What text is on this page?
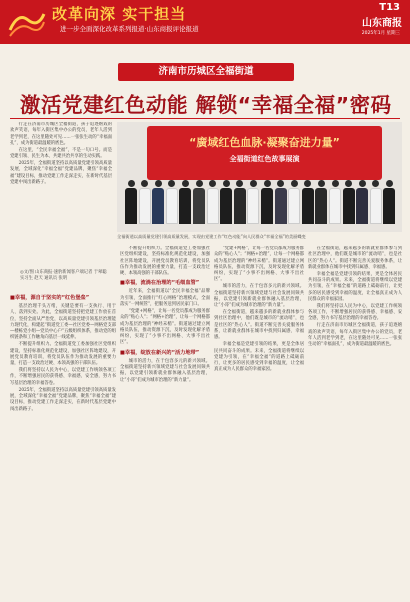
改革向深 实干担当
进一步全面深化改革系列报道·山东商报评论报道
T13
山东商报
2025年1月 星期三
济南市历城区全福街道
激活党建红色动能 解锁“幸福全福”密码

行走在济南市历城区全福街道，孩子追逐嬉戏的欢声笑语，每年入街区集中办公的党员，老年人活到老学到老，在这里随处可见……一张张生动的“幸福面孔”，成为街道最温暖的底色。

在这里，“全民幸福全福”，不是一句口号。而是党建引领、民生为本、共建共治共享的生动实践。

2025年，全福街道坚持以高质量党建引领高质量发展，全域深化“幸福全福”党建品牌，聚焦“幸福全福”建设目标，推动党建工作走深走实，在新时代基层党建中闯出新路子。

◎文/图 山东商报·速豹新闻客户端记者 于翠聪 实习生 赵天 通讯员 张明
“廣域红色血脉·凝聚奋进力量”
全福街道红色故事展演
全福街道以高质量党建引领高质量发展，实现由党建工作“红色动能”向人民群众“幸福全福”的美丽蝶变
■幸福，源自于坚实的“红色堡垒”

基层治理千头万绪，关键是要有一支执行、用于人、落到实处。为此，全福街道坚持把党建工作放在首位，坚持全面从严治党，以高质量党建引领基层治理能力现代化，构建起“街道党工委—社区党委—网格党支部—楼栋党小组—党员中心户”五级组织体系，推动党的组织链条和工作触角向基层一线延伸。

不断提升组织力。全福街道党工委加强社区党组织建设，坚持标准化规范化建设，加强社区阵地建设，开展党员教育培训，将党员队伍作为推动发展的重要力量，打造一支政治过硬、本领高强的干部队伍。

我们将坚持以人民为中心，以党建工作统领各项工作，不断增强居民的获得感、幸福感、安全感，努力书写基层治理的幸福答卷。

2025年，全福街道坚持以高质量党建引领高质量发展，全域深化“幸福全福”党建品牌，聚焦“幸福全福”建设目标，推动党建工作走深走实，在新时代基层党建中闯出新路子。

不断提升组织力。全福街道党工委加强社区党组织建设，坚持标准化规范化建设，加强社区阵地建设，开展党员教育培训，将党员队伍作为推动发展的重要力量，打造一支政治过硬、本领高强的干部队伍。

■幸福，流淌在治理的“毛细血管”

近年来，全福街道以“全民幸福全福”品牌为引领，全面推行“红心网格”治理模式，全面落实“一网统管”，把服务送到居民家门口。

“党建+网格”，让每一名党员都成为服务群众的“贴心人”；“网格+治理”，让每一个网格都成为基层治理的“神经末梢”。街道通过建立网格员队伍，推动资源下沉，及时发现化解矛盾纠纷，实现了“小事不出网格、大事不出社区”。

■幸福，绽放在新兴的“活力地带”

城市的活力，在于包容多元的新兴领域。全福街道坚持新兴领域党建与社会发展同频共振，以党建引领新就业群体融入基层治理，让“小哥”们成为城市治理的“新力量”。

“党建+网格”，让每一名党员都成为服务群众的“贴心人”；“网格+治理”，让每一个网格都成为基层治理的“神经末梢”。街道通过建立网格员队伍，推动资源下沉，及时发现化解矛盾纠纷，实现了“小事不出网格、大事不出社区”。

城市的活力，在于包容多元的新兴领域。全福街道坚持新兴领域党建与社会发展同频共振，以党建引领新就业群体融入基层治理，让“小哥”们成为城市治理的“新力量”。

在全福街道，越来越多的新就业群体参与到社区治理中，他们既是城市的“流动哨”，也是社区的“热心人”。街道不断完善关爱服务体系，让新就业群体在城市中找到归属感、幸福感。

幸福全福是党建引领的结果，更是全体居民共同奋斗的成果。未来，全福街道将继续以党建为引领，在“幸福全福”的道路上砥砺前行，让更多的居民感受到幸福的温度，让全福真正成为人民群众的幸福家园。

在全福街道，越来越多的新就业群体参与到社区治理中，他们既是城市的“流动哨”，也是社区的“热心人”。街道不断完善关爱服务体系，让新就业群体在城市中找到归属感、幸福感。

幸福全福是党建引领的结果，更是全体居民共同奋斗的成果。未来，全福街道将继续以党建为引领，在“幸福全福”的道路上砥砺前行，让更多的居民感受到幸福的温度，让全福真正成为人民群众的幸福家园。

我们将坚持以人民为中心，以党建工作统领各项工作，不断增强居民的获得感、幸福感、安全感，努力书写基层治理的幸福答卷。

行走在济南市历城区全福街道，孩子追逐嬉戏的欢声笑语，每年入街区集中办公的党员，老年人活到老学到老，在这里随处可见……一张张生动的“幸福面孔”，成为街道最温暖的底色。
